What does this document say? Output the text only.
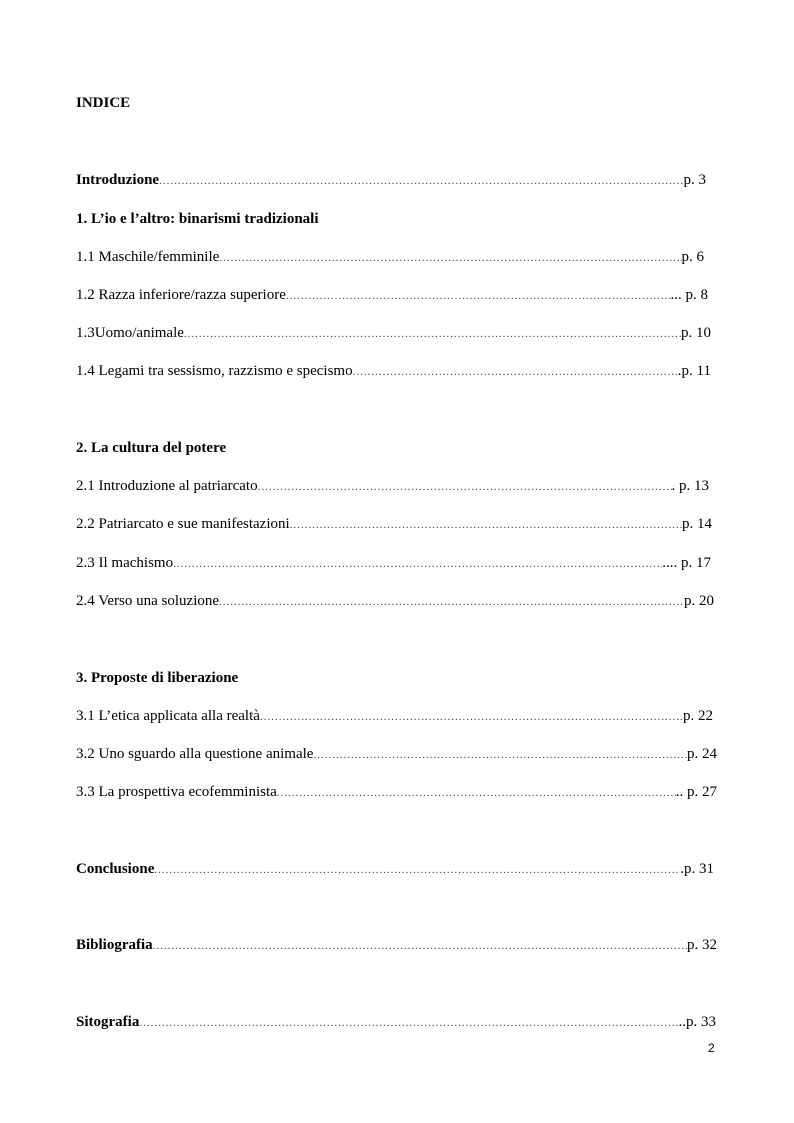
INDICE
Introduzione .....	p. 3
1. L’io e l’altro: binarismi tradizionali
1.1 Maschile/femminile .....	p. 6
1.2 Razza inferiore/razza superiore .....	... p. 8
1.3Uomo/animale .....	p. 10
1.4 Legami tra sessismo, razzismo e specismo .....	.p. 11
2. La cultura del potere
2.1 Introduzione al patriarcato .....	. p. 13
2.2 Patriarcato e sue manifestazioni .....	p. 14
2.3 Il machismo .....	.... p. 17
2.4 Verso una soluzione .....	p. 20
3. Proposte di liberazione
3.1 L’etica applicata alla realtà .....	p. 22
3.2 Uno sguardo alla questione animale .....	p. 24
3.3 La prospettiva ecofemminista .....	.. p. 27
Conclusione .....	.p. 31
Bibliografia .....	p. 32
Sitografia .....	..p. 33
2
